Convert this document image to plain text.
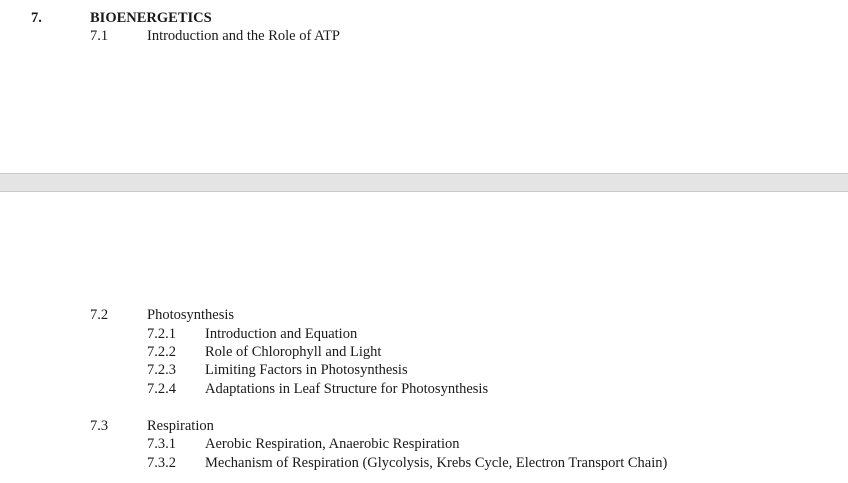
7.	BIOENERGETICS
7.1	Introduction and the Role of ATP
7.2	Photosynthesis
7.2.1 Introduction and Equation
7.2.2 Role of Chlorophyll and Light
7.2.3 Limiting Factors in Photosynthesis
7.2.4 Adaptations in Leaf Structure for Photosynthesis
7.3	Respiration
7.3.1 Aerobic Respiration, Anaerobic Respiration
7.3.2 Mechanism of Respiration (Glycolysis, Krebs Cycle, Electron Transport Chain)
